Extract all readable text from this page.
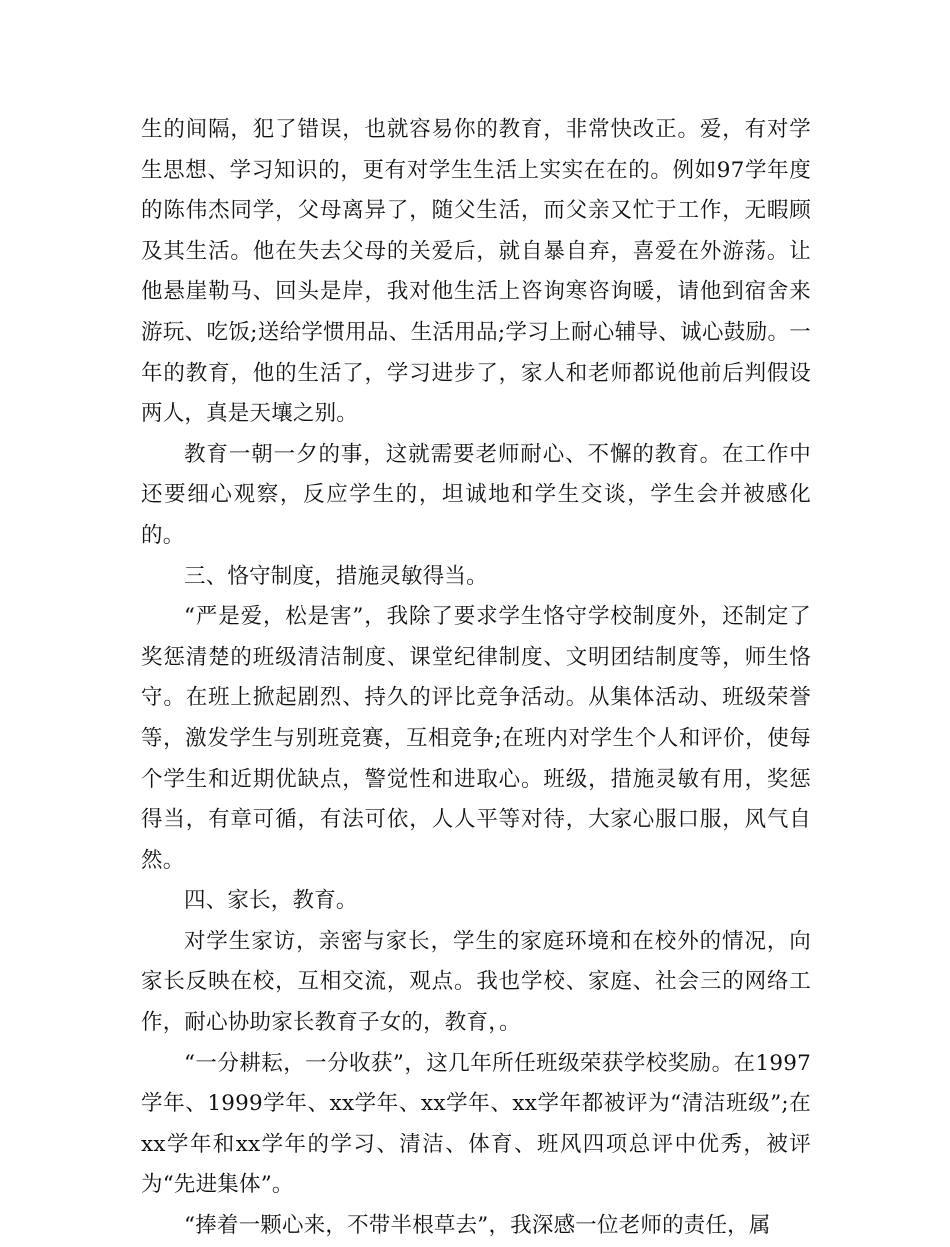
生的间隔，犯了错误，也就容易你的教育，非常快改正。爱，有对学生思想、学习知识的，更有对学生生活上实实在在的。例如97学年度的陈伟杰同学，父母离异了，随父生活，而父亲又忙于工作，无暇顾及其生活。他在失去父母的关爱后，就自暴自弃，喜爱在外游荡。让他悬崖勒马、回头是岸，我对他生活上咨询寒咨询暖，请他到宿舍来游玩、吃饭;送给学惯用品、生活用品;学习上耐心辅导、诚心鼓励。一年的教育，他的生活了，学习进步了，家人和老师都说他前后判假设两人，真是天壤之别。

教育一朝一夕的事，这就需要老师耐心、不懈的教育。在工作中还要细心观察，反应学生的，坦诚地和学生交谈，学生会并被感化的。

三、恪守制度，措施灵敏得当。

“严是爱，松是害”，我除了要求学生恪守学校制度外，还制定了奖惩清楚的班级清洁制度、课堂纪律制度、文明团结制度等，师生恪守。在班上掀起剧烈、持久的评比竞争活动。从集体活动、班级荣誉等，激发学生与别班竞赛，互相竞争;在班内对学生个人和评价，使每个学生和近期优缺点，警觉性和进取心。班级，措施灵敏有用，奖惩得当，有章可循，有法可依，人人平等对待，大家心服口服，风气自然。

四、家长，教育。

对学生家访，亲密与家长，学生的家庭环境和在校外的情况，向家长反映在校，互相交流，观点。我也学校、家庭、社会三的网络工作，耐心协助家长教育子女的，教育，。

“一分耕耘，一分收获”，这几年所任班级荣获学校奖励。在1997学年、1999学年、xx学年、xx学年、xx学年都被评为“清洁班级”;在xx学年和xx学年的学习、清洁、体育、班风四项总评中优秀，被评为“先进集体”。

“捧着一颗心来，不带半根草去”，我深感一位老师的责任，属
